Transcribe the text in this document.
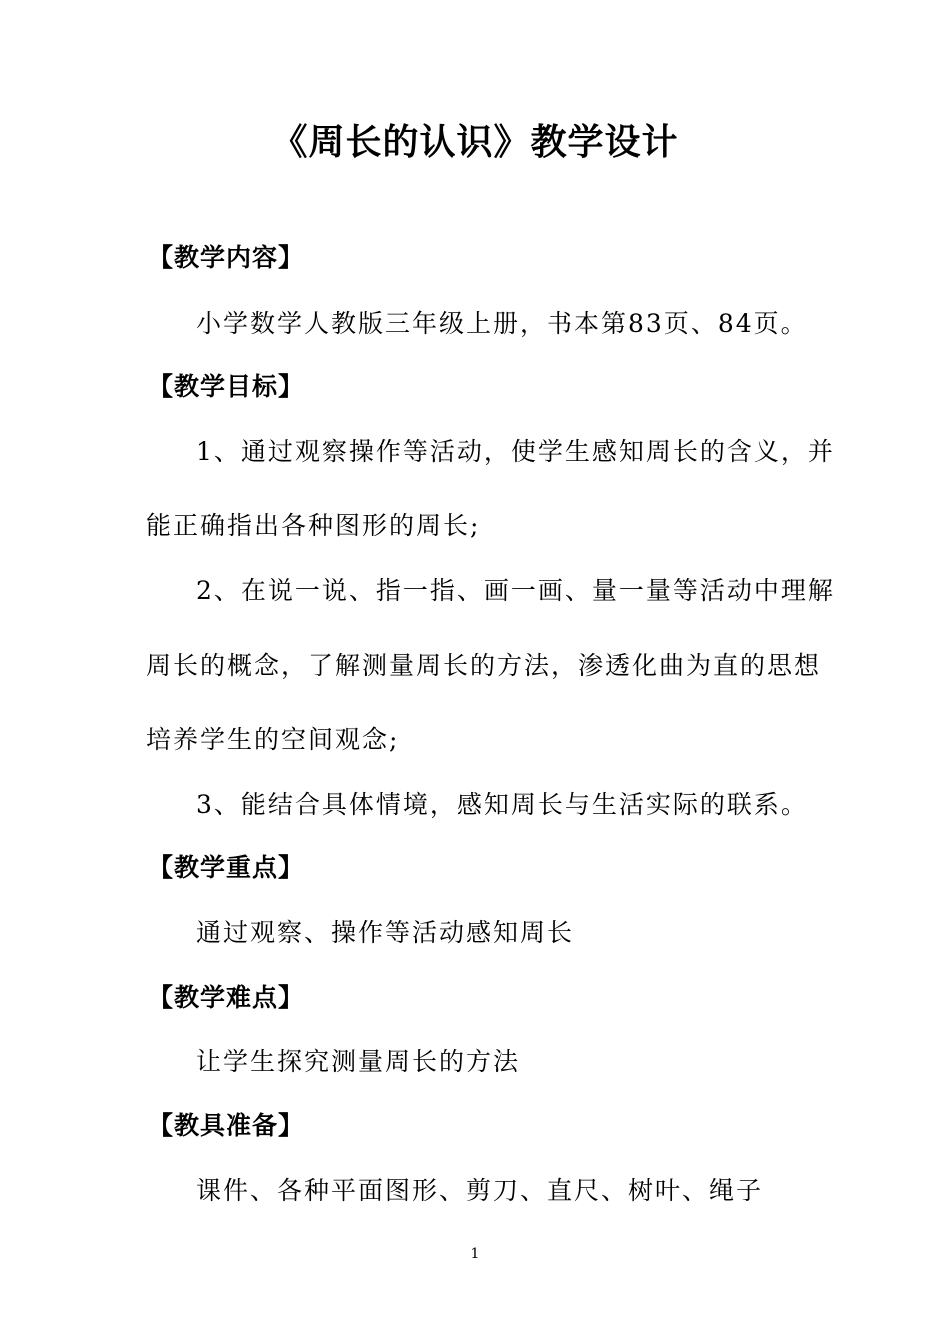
《周长的认识》教学设计
【教学内容】
小学数学人教版三年级上册，书本第83页、84页。
【教学目标】
1、通过观察操作等活动，使学生感知周长的含义，并
能正确指出各种图形的周长;
2、在说一说、指一指、画一画、量一量等活动中理解
周长的概念，了解测量周长的方法，渗透化曲为直的思想
培养学生的空间观念;
3、能结合具体情境，感知周长与生活实际的联系。
【教学重点】
通过观察、操作等活动感知周长
【教学难点】
让学生探究测量周长的方法
【教具准备】
课件、各种平面图形、剪刀、直尺、树叶、绳子
1
